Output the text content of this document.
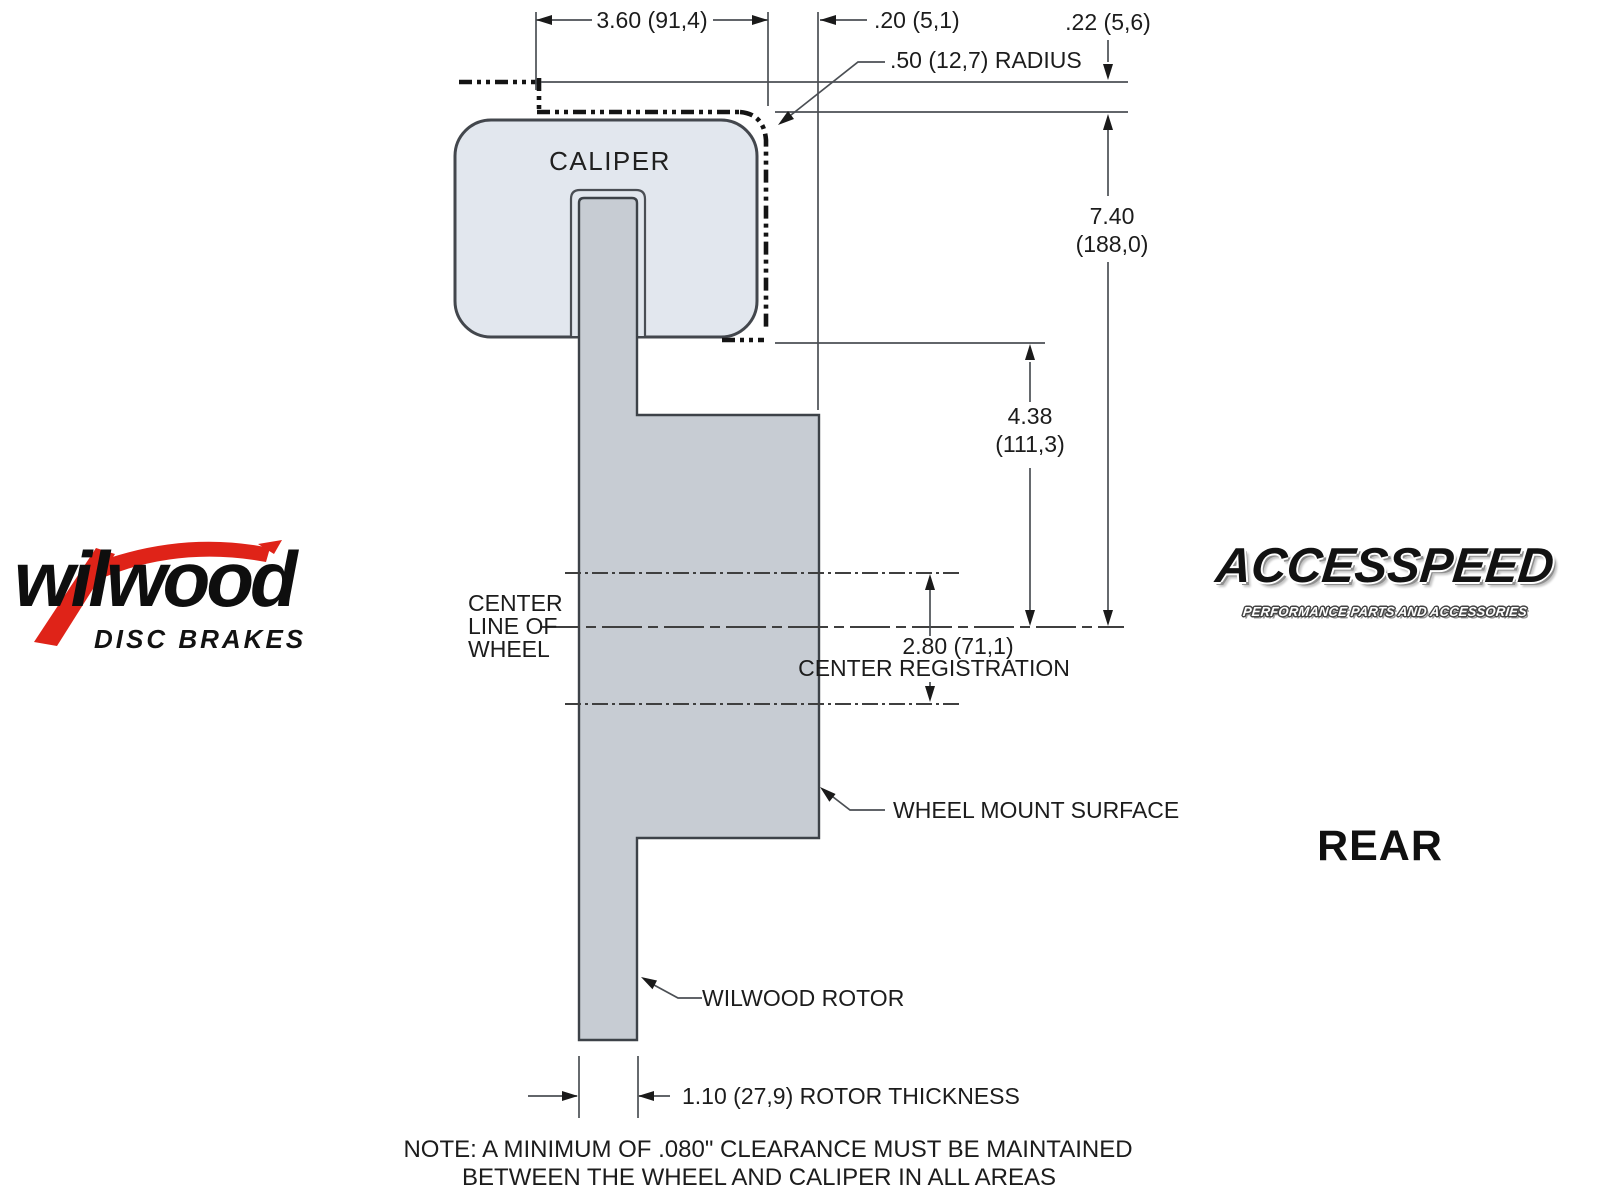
3.60 (91,4)	.20 (5,1)	.22 (5,6)
.50 (12,7) RADIUS
CALIPER
7.40
(188,0)
4.38
(111,3)
CENTER
LINE OF
WHEEL	2.80 (71,1)
CENTER REGISTRATION
WHEEL MOUNT SURFACE
WILWOOD ROTOR
1.10 (27,9) ROTOR THICKNESS
NOTE: A MINIMUM OF .080" CLEARANCE MUST BE MAINTAINED
BETWEEN THE WHEEL AND CALIPER IN ALL AREAS
wilwood
DISC BRAKES
ACCESSPEED
PERFORMANCE PARTS AND ACCESSORIES
REAR
